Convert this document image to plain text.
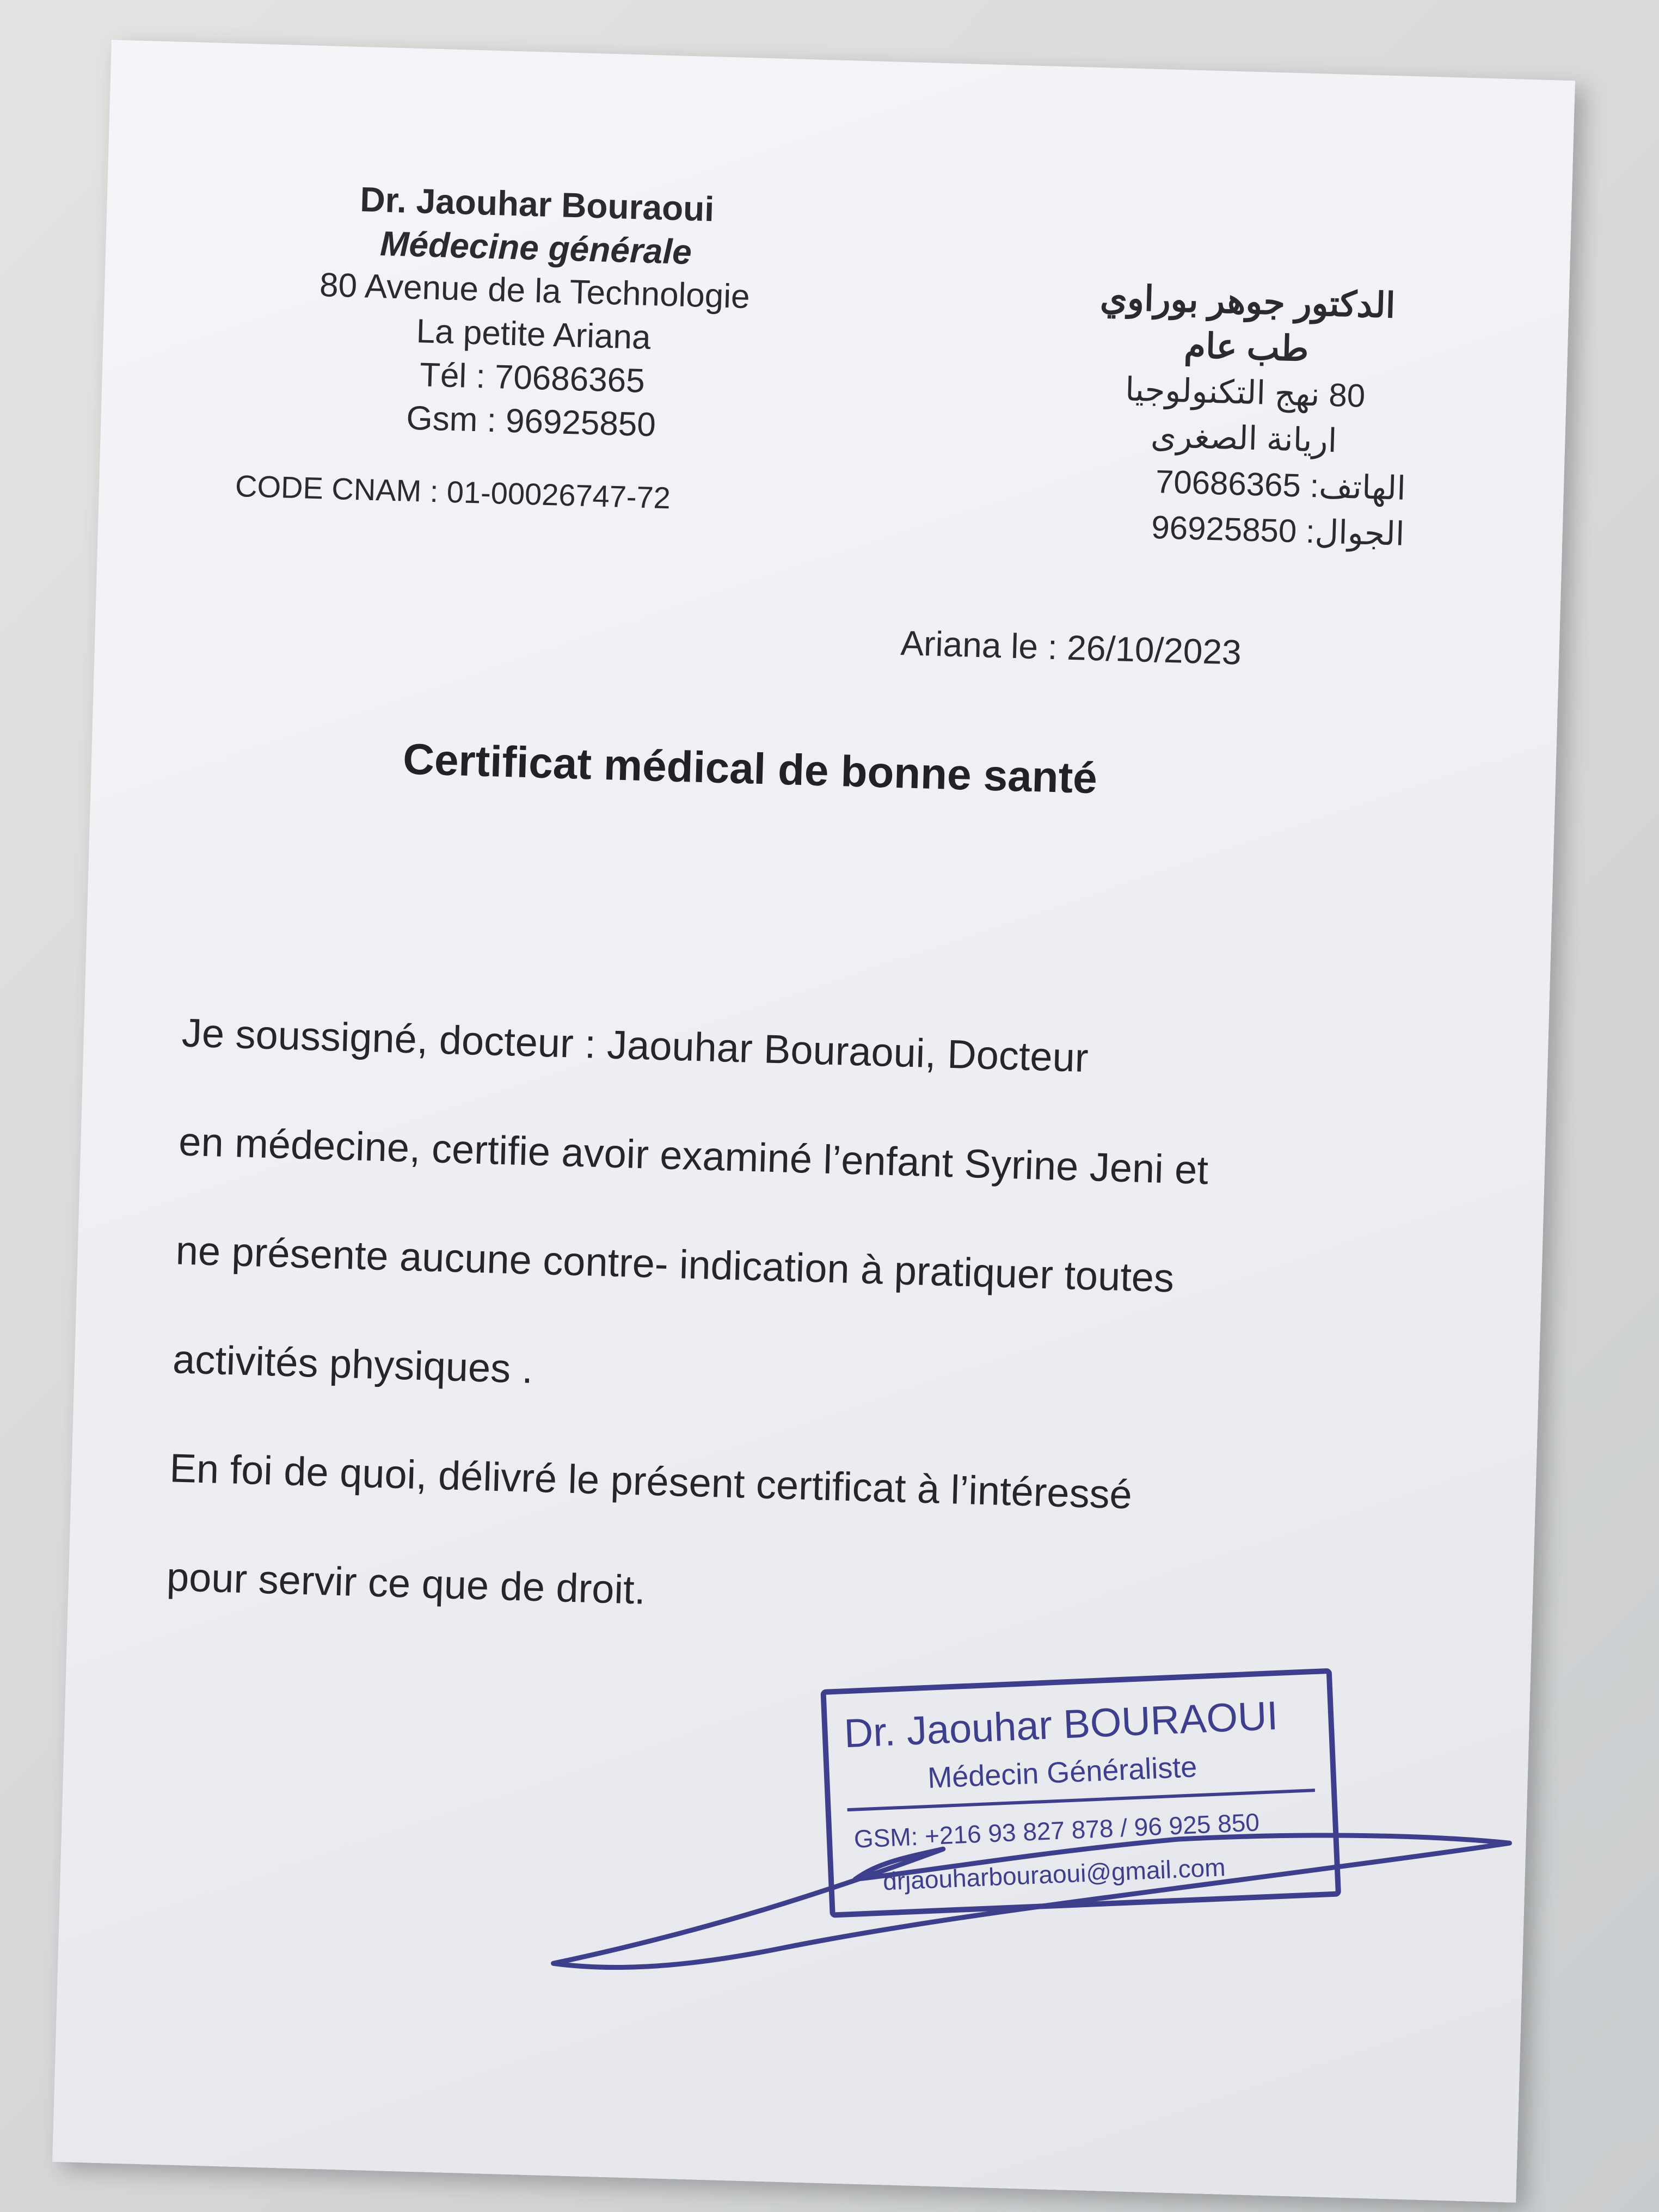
Dr. Jaouhar Bouraoui

Médecine générale

80 Avenue de la Technologie

La petite Ariana

Tél : 70686365

Gsm : 96925850

CODE CNAM : 01-00026747-72

الدكتور جوهر بوراوي

طب عام

80 نهج التكنولوجيا

اريانة الصغرى

الهاتف: 70686365

الجوال: 96925850

Ariana le : 26/10/2023
Certificat médical de bonne santé

Je soussigné, docteur : Jaouhar Bouraoui, Docteur

en médecine, certifie avoir examiné l’enfant Syrine Jeni et

ne présente aucune contre- indication à pratiquer toutes

activités physiques .

En foi de quoi, délivré le présent certificat à l’intéressé

pour servir ce que de droit.

Dr. Jaouhar BOURAOUI
Médecin Généraliste
GSM: +216 93 827 878 / 96 925 850
drjaouharbouraoui@gmail.com
